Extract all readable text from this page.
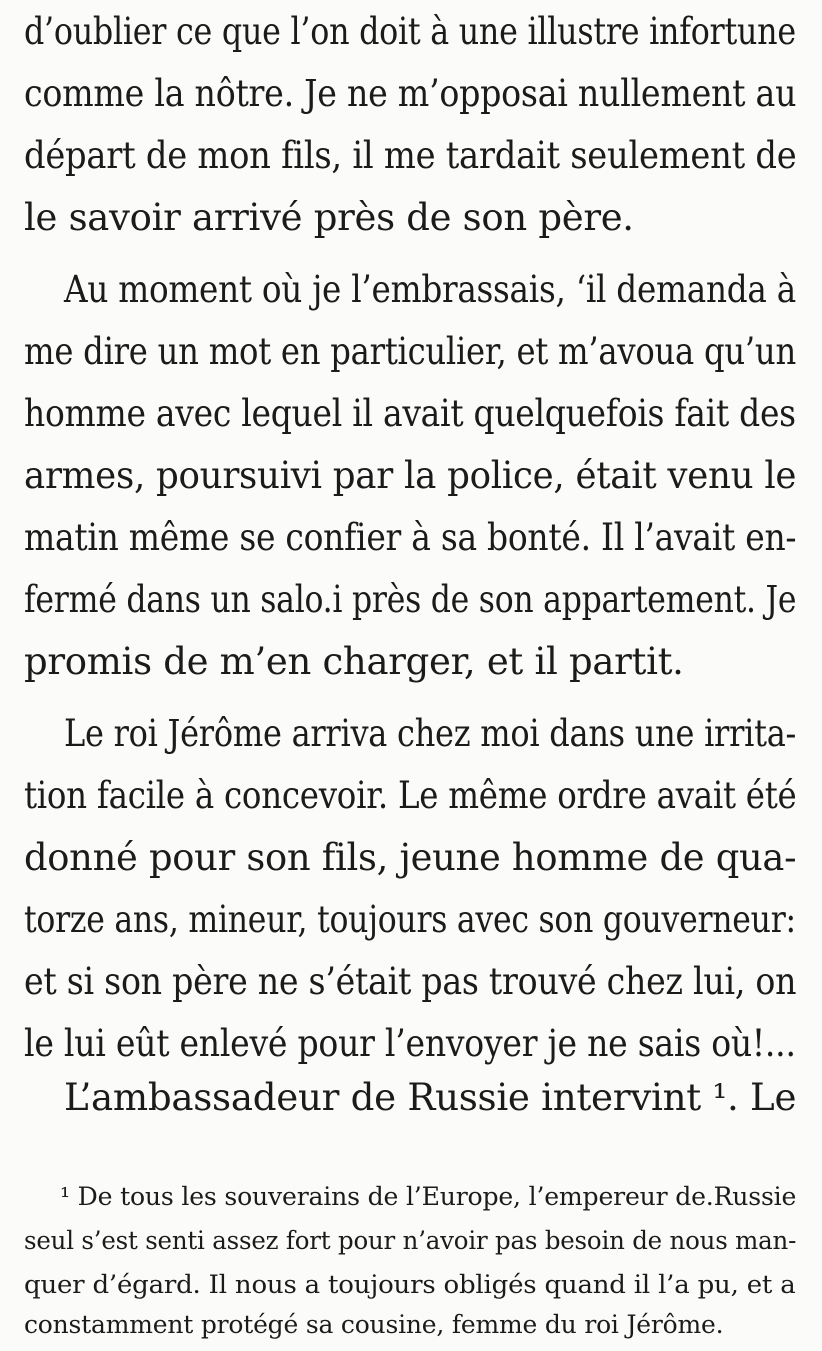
d’oublier ce que l’on doit à une illustre infortune
comme la nôtre. Je ne m’opposai nullement au
départ de mon fils, il me tardait seulement de
le savoir arrivé près de son père.
Au moment où je l’embrassais, ‘il demanda à
me dire un mot en particulier, et m’avoua qu’un
homme avec lequel il avait quelquefois fait des
armes, poursuivi par la police, était venu le
matin même se confier à sa bonté. Il l’avait en-
fermé dans un salo.i près de son appartement. Je
promis de m’en charger, et il partit.
Le roi Jérôme arriva chez moi dans une irrita-
tion facile à concevoir. Le même ordre avait été
donné pour son fils, jeune homme de qua-
torze ans, mineur, toujours avec son gouverneur:
et si son père ne s’était pas trouvé chez lui, on
le lui eût enlevé pour l’envoyer je ne sais où!...
L’ambassadeur de Russie intervint ¹. Le
¹ De tous les souverains de l’Europe, l’empereur de.Russie
seul s’est senti assez fort pour n’avoir pas besoin de nous man-
quer d’égard. Il nous a toujours obligés quand il l’a pu, et a
constamment protégé sa cousine, femme du roi Jérôme.
